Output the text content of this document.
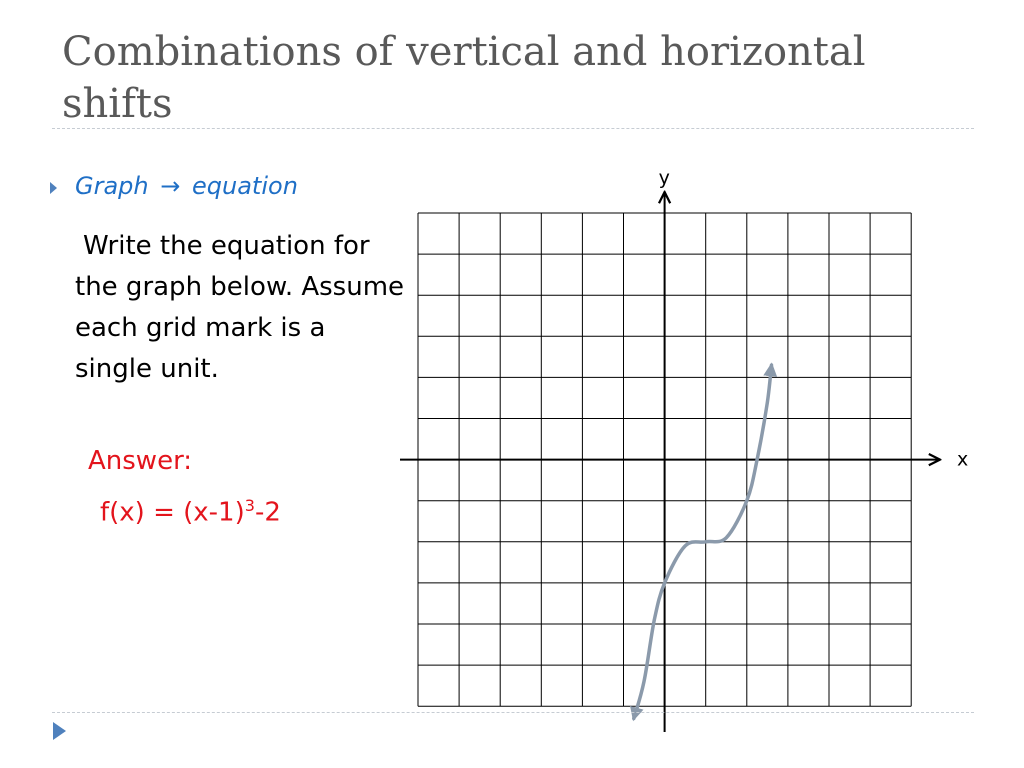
Combinations of vertical and horizontal shifts
Graph → equation
Write the equation for the graph below. Assume each grid mark is a single unit.
Answer:
$f(x) = (x-1)^3-2$
x
y
